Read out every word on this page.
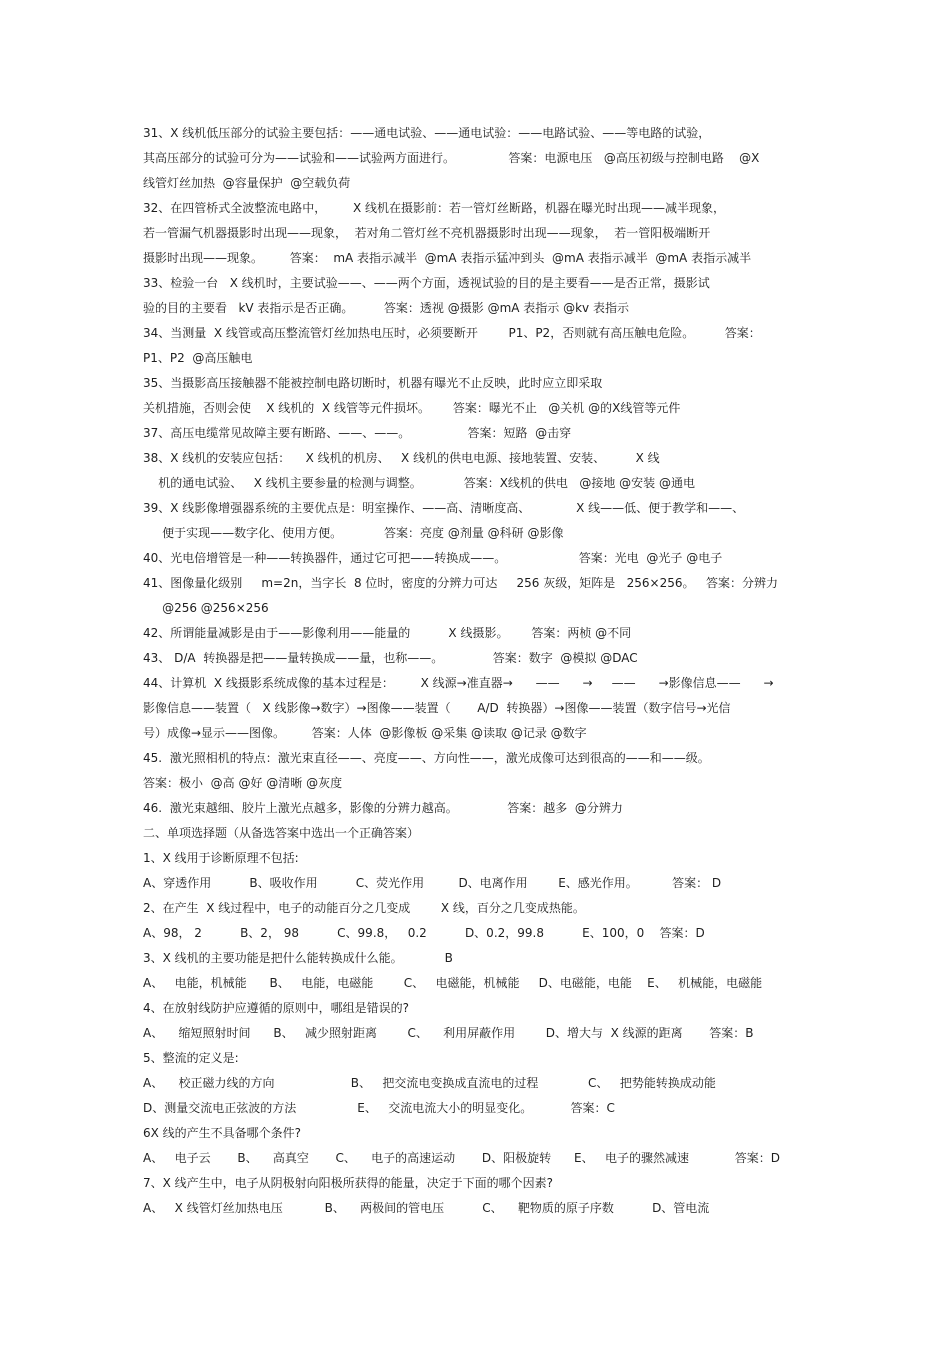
31、X 线机低压部分的试验主要包括：——通电试验、——通电试验：——电路试验、——等电路的试验，
其高压部分的试验可分为——试验和——试验两方面进行。              答案：电源电压   @高压初级与控制电路    @X
线管灯丝加热  @容量保护  @空载负荷
32、在四管桥式全波整流电路中，       X 线机在摄影前：若一管灯丝断路，机器在曝光时出现——减半现象，
若一管漏气机器摄影时出现——现象，  若对角二管灯丝不亮机器摄影时出现——现象，  若一管阳极端断开
摄影时出现——现象。       答案：  mA 表指示减半  @mA 表指示猛冲到头  @mA 表指示减半  @mA 表指示减半
33、检验一台   X 线机时，主要试验——、——两个方面，透视试验的目的是主要看——是否正常，摄影试
验的目的主要看   kV 表指示是否正确。        答案：透视 @摄影 @mA 表指示 @kv 表指示
34、当测量  X 线管或高压整流管灯丝加热电压时，必须要断开        P1、P2，否则就有高压触电危险。        答案：
P1、P2  @高压触电
35、当摄影高压接触器不能被控制电路切断时，机器有曝光不止反映，此时应立即采取
关机措施，否则会使    X 线机的  X 线管等元件损坏。      答案：曝光不止   @关机 @的X线管等元件
37、高压电缆常见故障主要有断路、——、——。               答案：短路  @击穿
38、X 线机的安装应包括：    X 线机的机房、   X 线机的供电电源、接地装置、安装、        X 线
机的通电试验、   X 线机主要参量的检测与调整。           答案：X线机的供电   @接地 @安装 @通电
39、X 线影像增强器系统的主要优点是：明室操作、——高、清晰度高、            X 线——低、便于教学和——、
便于实现——数字化、使用方便。           答案：亮度 @剂量 @科研 @影像
40、光电倍增管是一种——转换器件，通过它可把——转换成——。                   答案：光电  @光子 @电子
41、图像量化级别     m=2n，当字长  8 位时，密度的分辨力可达     256 灰级，矩阵是   256×256。   答案：分辨力
@256 @256×256
42、所谓能量减影是由于——影像利用——能量的          X 线摄影。      答案：两桢 @不同
43、 D/A  转换器是把——量转换成——量，也称——。             答案：数字  @模拟 @DAC
44、计算机  X 线摄影系统成像的基本过程是：       X 线源→准直器→      ——      →     ——      →影像信息——      →
影像信息——装置（   X 线影像→数字）→图像——装置（       A/D  转换器）→图像——装置（数字信号→光信
号）成像→显示——图像。       答案：人体  @影像板 @采集 @读取 @记录 @数字
45.  激光照相机的特点：激光束直径——、亮度——、方向性——，激光成像可达到很高的——和——级。
答案：极小  @高 @好 @清晰 @灰度
46.  激光束越细、胶片上激光点越多，影像的分辨力越高。             答案：越多  @分辨力
二、单项选择题（从备选答案中选出一个正确答案）
1、X 线用于诊断原理不包括:
A、穿透作用          B、吸收作用          C、荧光作用         D、电离作用        E、感光作用。         答案： D
2、在产生  X 线过程中，电子的动能百分之几变成        X 线，百分之几变成热能。
A、98， 2          B、2， 98          C、99.8，   0.2          D、0.2，99.8          E、100，0    答案：D
3、X 线机的主要功能是把什么能转换成什么能。           B
A、   电能，机械能      B、   电能，电磁能        C、   电磁能，机械能     D、电磁能，电能    E、   机械能，电磁能
4、在放射线防护应遵循的原则中，哪组是错误的?
A、    缩短照射时间      B、   减少照射距离        C、    利用屏蔽作用        D、增大与  X 线源的距离       答案：B
5、整流的定义是:
A、    校正磁力线的方向                    B、   把交流电变换成直流电的过程             C、   把势能转换成动能
D、测量交流电正弦波的方法                E、   交流电流大小的明显变化。          答案：C
6X 线的产生不具备哪个条件?
A、   电子云       B、    高真空       C、    电子的高速运动       D、阳极旋转      E、   电子的骤然减速            答案：D
7、X 线产生中，电子从阴极射向阳极所获得的能量，决定于下面的哪个因素?
A、   X 线管灯丝加热电压           B、    两极间的管电压          C、    靶物质的原子序数          D、管电流
